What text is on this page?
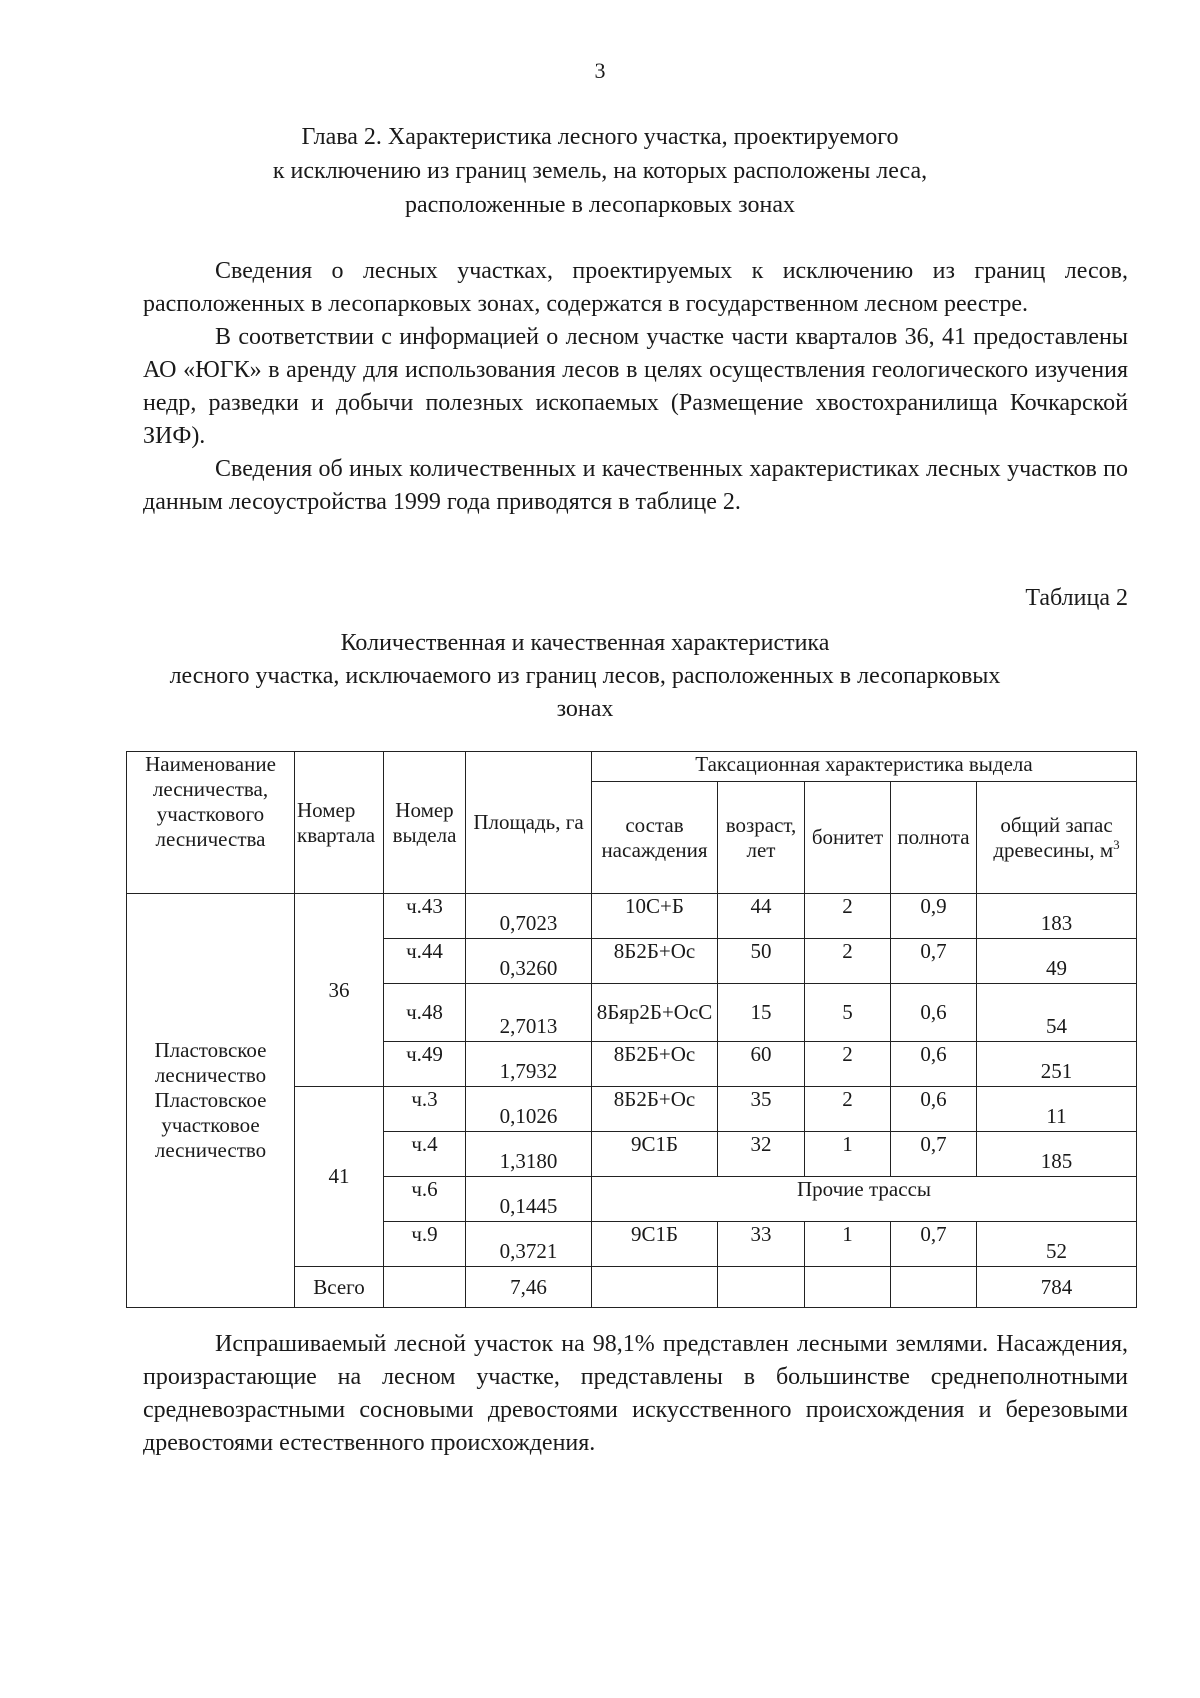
3
Глава 2. Характеристика лесного участка, проектируемого
к исключению из границ земель, на которых расположены леса,
расположенные в лесопарковых зонах

Сведения о лесных участках, проектируемых к исключению из границ лесов, расположенных в лесопарковых зонах, содержатся в государственном лесном реестре.

В соответствии с информацией о лесном участке части кварталов 36, 41 предоставлены АО «ЮГК» в аренду для использования лесов в целях осуществления геологического изучения недр, разведки и добычи полезных ископаемых (Размещение хвостохранилища Кочкарской ЗИФ).

Сведения об иных количественных и качественных характеристиках лесных участков по данным лесоустройства 1999 года приводятся в таблице 2.

Таблица 2
Количественная и качественная характеристика
лесного участка, исключаемого из границ лесов, расположенных в лесопарковых
зонах
Наименование лесничества, участкового лесничества	Номер квартала	Номер выдела	Площадь, га	Таксационная характеристика выдела				
				состав насаждения	возраст, лет	бонитет	полнота	общий запас древесины, $м^3$
Пластовское лесничество Пластовское участковое лесничество	36	ч.43	0,7023	10С+Б	44	2	0,9	183
		ч.44	0,3260	8Б2Б+Ос	50	2	0,7	49
		ч.48	2,7013	8Бяр2Б+ОсС	15	5	0,6	54
		ч.49	1,7932	8Б2Б+Ос	60	2	0,6	251
	41	ч.3	0,1026	8Б2Б+Ос	35	2	0,6	11
		ч.4	1,3180	9С1Б	32	1	0,7	185
		ч.6	0,1445	Прочие трассы				
		ч.9	0,3721	9С1Б	33	1	0,7	52
	Всего		7,46					784

Испрашиваемый лесной участок на 98,1% представлен лесными землями. Насаждения, произрастающие на лесном участке, представлены в большинстве среднеполнотными средневозрастными сосновыми древостоями искусственного происхождения и березовыми древостоями естественного происхождения.
